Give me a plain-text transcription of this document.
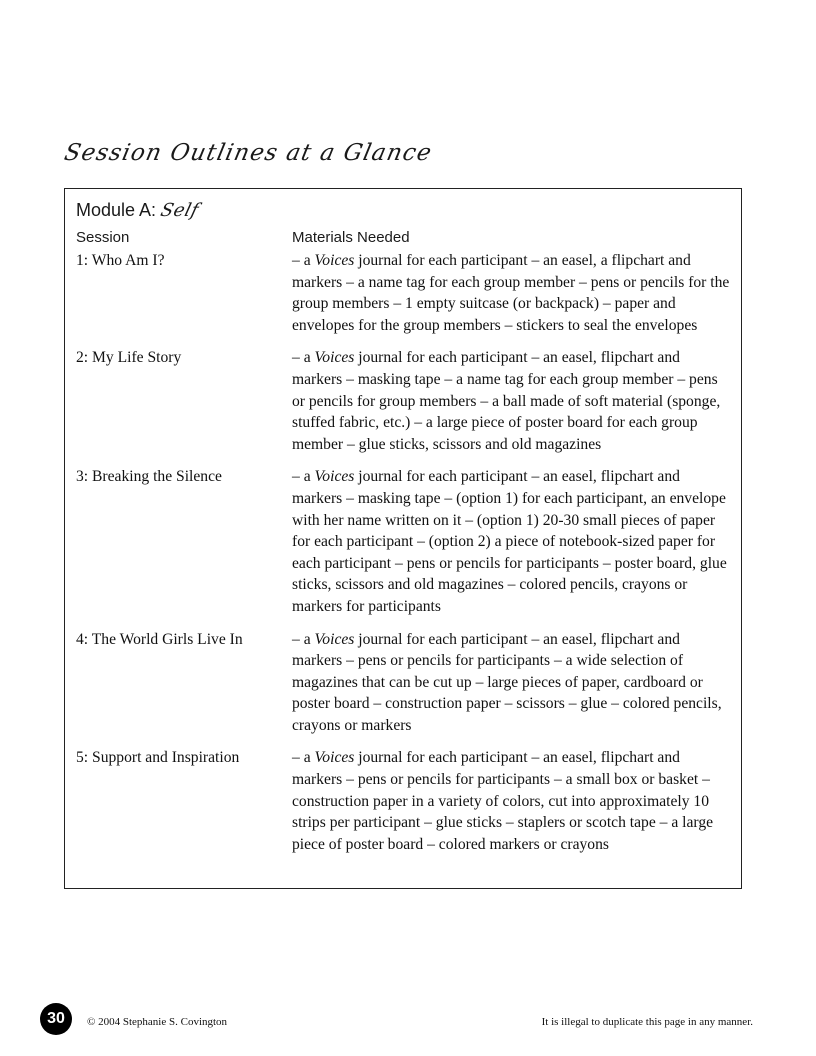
Session Outlines at a Glance
Module A: Self
Session	Materials Needed
1: Who Am I?	– a Voices journal for each participant – an easel, a flipchart and markers – a name tag for each group member – pens or pencils for the group members – 1 empty suitcase (or backpack) – paper and envelopes for the group members – stickers to seal the envelopes
2: My Life Story	– a Voices journal for each participant – an easel, flipchart and markers – masking tape – a name tag for each group member – pens or pencils for group members – a ball made of soft material (sponge, stuffed fabric, etc.) – a large piece of poster board for each group member – glue sticks, scissors and old magazines
3: Breaking the Silence	– a Voices journal for each participant – an easel, flipchart and markers – masking tape – (option 1) for each participant, an envelope with her name written on it – (option 1) 20-30 small pieces of paper for each participant – (option 2) a piece of notebook-sized paper for each participant – pens or pencils for participants – poster board, glue sticks, scissors and old magazines – colored pencils, crayons or markers for participants
4: The World Girls Live In	– a Voices journal for each participant – an easel, flipchart and markers – pens or pencils for participants – a wide selection of magazines that can be cut up – large pieces of paper, cardboard or poster board – construction paper – scissors – glue – colored pencils, crayons or markers
5: Support and Inspiration	– a Voices journal for each participant – an easel, flipchart and markers – pens or pencils for participants – a small box or basket – construction paper in a variety of colors, cut into approximately 10 strips per participant – glue sticks – staplers or scotch tape – a large piece of poster board – colored markers or crayons
30	© 2004 Stephanie S. Covington	It is illegal to duplicate this page in any manner.
